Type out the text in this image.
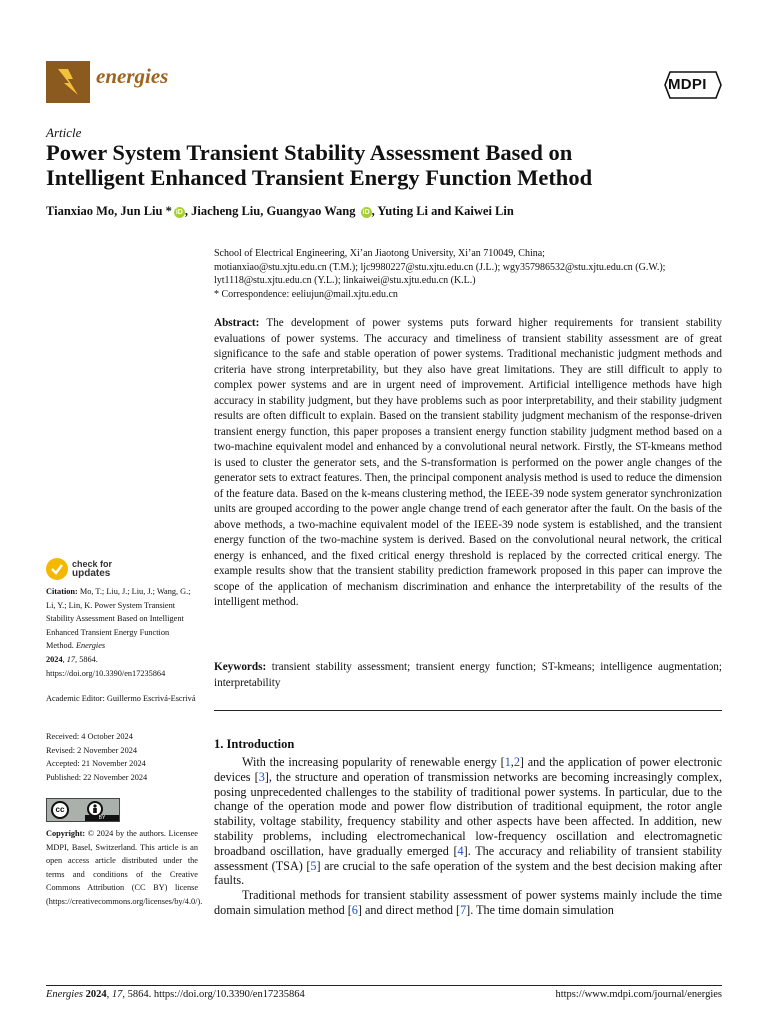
energies	MDPI
Article
Power System Transient Stability Assessment Based on
Intelligent Enhanced Transient Energy Function Method
Tianxiao Mo, Jun Liu * iD , Jiacheng Liu, Guangyao Wang iD , Yuting Li and Kaiwei Lin
School of Electrical Engineering, Xi’an Jiaotong University, Xi’an 710049, China;
motianxiao@stu.xjtu.edu.cn (T.M.); ljc9980227@stu.xjtu.edu.cn (J.L.); wgy357986532@stu.xjtu.edu.cn (G.W.);
lyt1118@stu.xjtu.edu.cn (Y.L.); linkaiwei@stu.xjtu.edu.cn (K.L.)
* Correspondence: eeliujun@mail.xjtu.edu.cn
Abstract: The development of power systems puts forward higher requirements for transient stability evaluations of power systems. The accuracy and timeliness of transient stability assessment are of great significance to the safe and stable operation of power systems. Traditional mechanistic judgment methods and criteria have strong interpretability, but they also have great limitations. They are still difficult to apply to complex power systems and are in urgent need of improvement. Artificial intelligence methods have high accuracy in stability judgment, but they have problems such as poor interpretability, and their stability judgment results are often difficult to explain. Based on the transient stability judgment mechanism of the response-driven transient energy function, this paper proposes a transient energy function stability judgment method based on a two-machine equivalent model and enhanced by a convolutional neural network. Firstly, the ST-kmeans method is used to cluster the generator sets, and the S-transformation is performed on the power angle changes of the generator sets to extract features. Then, the principal component analysis method is used to reduce the dimension of the feature data. Based on the k-means clustering method, the IEEE-39 node system generator synchronization units are grouped according to the power angle change trend of each generator after the fault. On the basis of the above methods, a two-machine equivalent model of the IEEE-39 node system is established, and the transient energy function of the two-machine system is derived. Based on the convolutional neural network, the critical energy is enhanced, and the fixed critical energy threshold is replaced by the corrected critical energy. The example results show that the transient stability prediction framework proposed in this paper can improve the scope of the application of mechanism discrimination and enhance the interpretability of the results of the intelligent method.
Keywords: transient stability assessment; transient energy function; ST-kmeans; intelligence augmentation; interpretability
1. Introduction

With the increasing popularity of renewable energy [1,2] and the application of power electronic devices [3], the structure and operation of transmission networks are becoming increasingly complex, posing unprecedented challenges to the stability of traditional power systems. In particular, due to the change of the operation mode and power flow distribution of traditional equipment, the rotor angle stability, voltage stability, frequency stability and other aspects have been affected. In addition, new stability problems, including electromechanical low-frequency oscillation and electromagnetic broadband oscillation, have gradually emerged [4]. The accuracy and reliability of transient stability assessment (TSA) [5] are crucial to the safe operation of the system and the best decision making after faults.

Traditional methods for transient stability assessment of power systems mainly include the time domain simulation method [6] and direct method [7]. The time domain simulation

check for
updates
Citation: Mo, T.; Liu, J.; Liu, J.; Wang, G.; Li, Y.; Lin, K. Power System Transient Stability Assessment Based on Intelligent Enhanced Transient Energy Function Method. Energies
2024, 17, 5864. https://doi.org/10.3390/en17235864
Academic Editor: Guillermo Escrivá-Escrivá
Received: 4 October 2024
Revised: 2 November 2024
Accepted: 21 November 2024
Published: 22 November 2024
cc
BY
Copyright: © 2024 by the authors. Licensee MDPI, Basel, Switzerland. This article is an open access article distributed under the terms and conditions of the Creative Commons Attribution (CC BY) license (https://creativecommons.org/licenses/by/4.0/).
Energies 2024, 17, 5864. https://doi.org/10.3390/en17235864	https://www.mdpi.com/journal/energies
